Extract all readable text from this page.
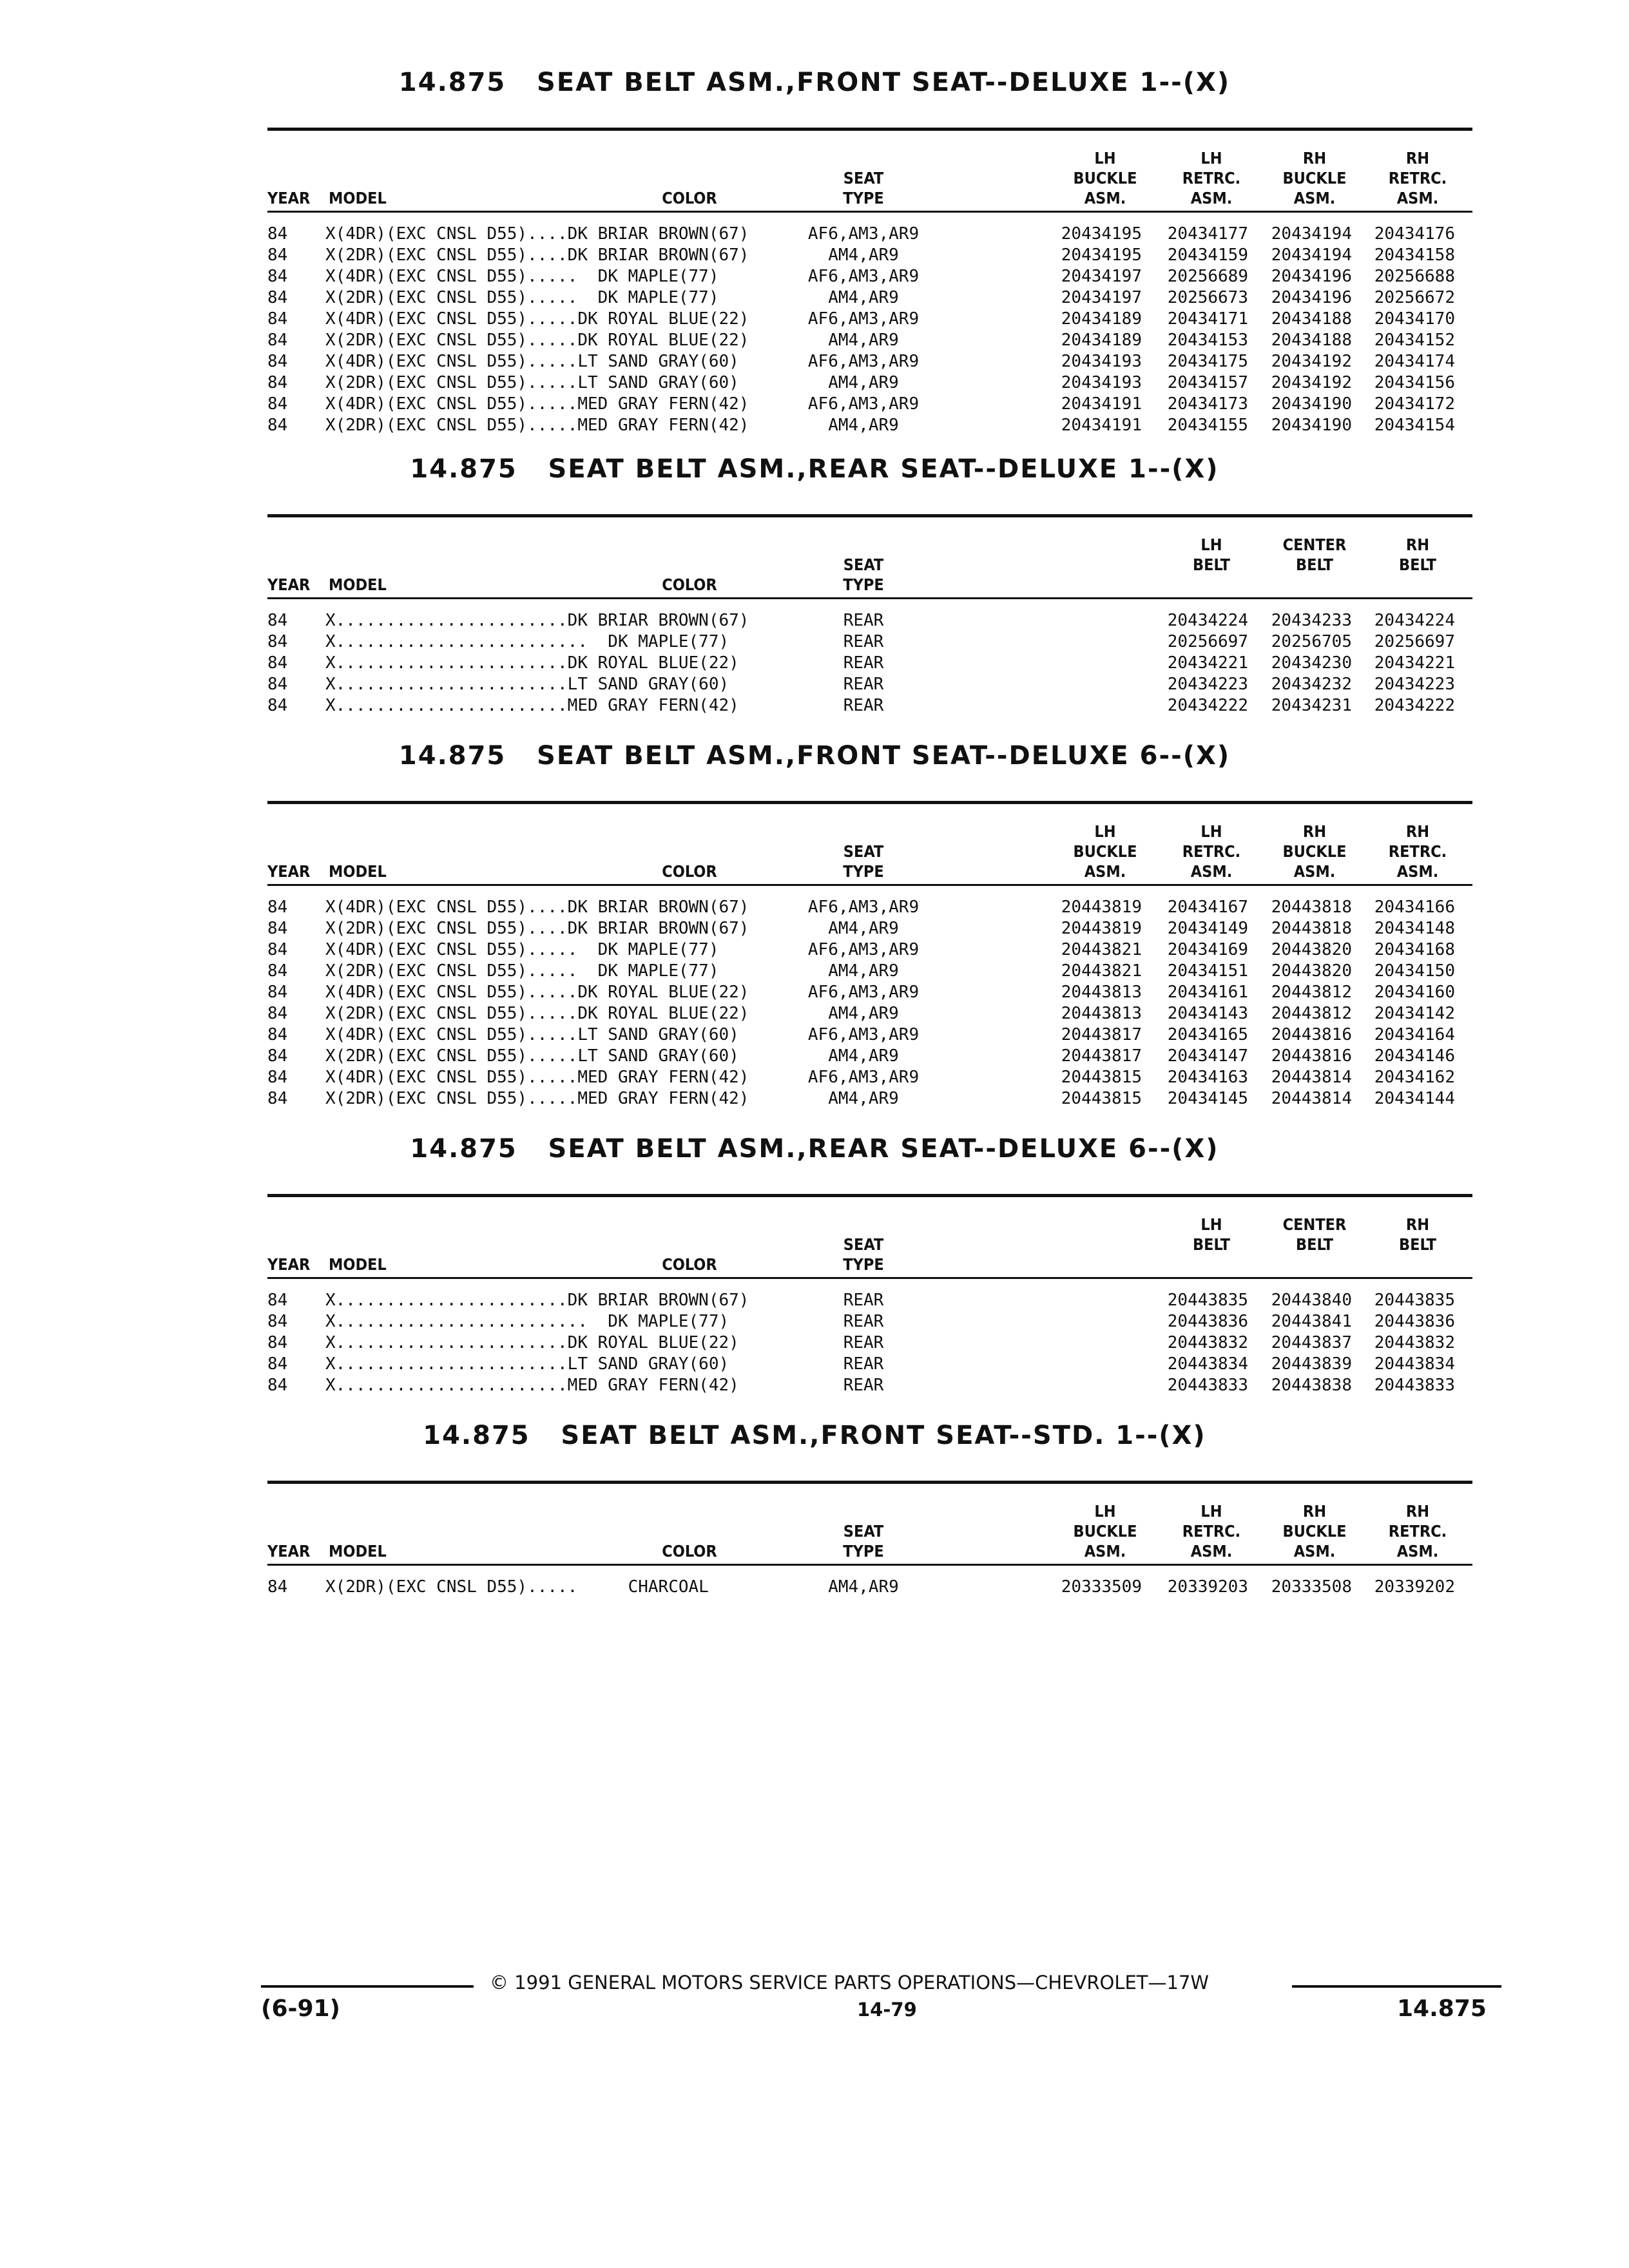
14.875   SEAT BELT ASM.,FRONT SEAT--DELUXE 1--(X)
YEAR MODEL	COLOR
SEAT
TYPE
LH
BUCKLE
ASM.
LH
RETRC.
ASM.
RH
BUCKLE
ASM.
RH
RETRC.
ASM.
84 X(4DR)(EXC CNSL D55)....DK BRIAR BROWN(67)	AF6,AM3,AR9	20434195	20434177	20434194	20434176
84 X(2DR)(EXC CNSL D55)....DK BRIAR BROWN(67)	AM4,AR9	20434195	20434159	20434194	20434158
84 X(4DR)(EXC CNSL D55).....  DK MAPLE(77)	AF6,AM3,AR9	20434197	20256689	20434196	20256688
84 X(2DR)(EXC CNSL D55).....  DK MAPLE(77)	AM4,AR9	20434197	20256673	20434196	20256672
84 X(4DR)(EXC CNSL D55).....DK ROYAL BLUE(22)	AF6,AM3,AR9	20434189	20434171	20434188	20434170
84 X(2DR)(EXC CNSL D55).....DK ROYAL BLUE(22)	AM4,AR9	20434189	20434153	20434188	20434152
84 X(4DR)(EXC CNSL D55).....LT SAND GRAY(60)	AF6,AM3,AR9	20434193	20434175	20434192	20434174
84 X(2DR)(EXC CNSL D55).....LT SAND GRAY(60)	AM4,AR9	20434193	20434157	20434192	20434156
84 X(4DR)(EXC CNSL D55).....MED GRAY FERN(42)	AF6,AM3,AR9	20434191	20434173	20434190	20434172
84 X(2DR)(EXC CNSL D55).....MED GRAY FERN(42)	AM4,AR9	20434191	20434155	20434190	20434154
14.875   SEAT BELT ASM.,REAR SEAT--DELUXE 1--(X)
YEAR MODEL	COLOR
SEAT
TYPE
LH
BELT
CENTER
BELT
RH
BELT
84 X.......................DK BRIAR BROWN(67)	REAR	20434224	20434233	20434224
84 X.........................  DK MAPLE(77)	REAR	20256697	20256705	20256697
84 X.......................DK ROYAL BLUE(22)	REAR	20434221	20434230	20434221
84 X.......................LT SAND GRAY(60)	REAR	20434223	20434232	20434223
84 X.......................MED GRAY FERN(42)	REAR	20434222	20434231	20434222
14.875   SEAT BELT ASM.,FRONT SEAT--DELUXE 6--(X)
YEAR MODEL	COLOR
SEAT
TYPE
LH
BUCKLE
ASM.
LH
RETRC.
ASM.
RH
BUCKLE
ASM.
RH
RETRC.
ASM.
84 X(4DR)(EXC CNSL D55)....DK BRIAR BROWN(67)	AF6,AM3,AR9	20443819	20434167	20443818	20434166
84 X(2DR)(EXC CNSL D55)....DK BRIAR BROWN(67)	AM4,AR9	20443819	20434149	20443818	20434148
84 X(4DR)(EXC CNSL D55).....  DK MAPLE(77)	AF6,AM3,AR9	20443821	20434169	20443820	20434168
84 X(2DR)(EXC CNSL D55).....  DK MAPLE(77)	AM4,AR9	20443821	20434151	20443820	20434150
84 X(4DR)(EXC CNSL D55).....DK ROYAL BLUE(22)	AF6,AM3,AR9	20443813	20434161	20443812	20434160
84 X(2DR)(EXC CNSL D55).....DK ROYAL BLUE(22)	AM4,AR9	20443813	20434143	20443812	20434142
84 X(4DR)(EXC CNSL D55).....LT SAND GRAY(60)	AF6,AM3,AR9	20443817	20434165	20443816	20434164
84 X(2DR)(EXC CNSL D55).....LT SAND GRAY(60)	AM4,AR9	20443817	20434147	20443816	20434146
84 X(4DR)(EXC CNSL D55).....MED GRAY FERN(42)	AF6,AM3,AR9	20443815	20434163	20443814	20434162
84 X(2DR)(EXC CNSL D55).....MED GRAY FERN(42)	AM4,AR9	20443815	20434145	20443814	20434144
14.875   SEAT BELT ASM.,REAR SEAT--DELUXE 6--(X)
YEAR MODEL	COLOR
SEAT
TYPE
LH
BELT
CENTER
BELT
RH
BELT
84 X.......................DK BRIAR BROWN(67)	REAR	20443835	20443840	20443835
84 X.........................  DK MAPLE(77)	REAR	20443836	20443841	20443836
84 X.......................DK ROYAL BLUE(22)	REAR	20443832	20443837	20443832
84 X.......................LT SAND GRAY(60)	REAR	20443834	20443839	20443834
84 X.......................MED GRAY FERN(42)	REAR	20443833	20443838	20443833
14.875   SEAT BELT ASM.,FRONT SEAT--STD. 1--(X)
YEAR MODEL	COLOR
SEAT
TYPE
LH
BUCKLE
ASM.
LH
RETRC.
ASM.
RH
BUCKLE
ASM.
RH
RETRC.
ASM.
84 X(2DR)(EXC CNSL D55).....     CHARCOAL	AM4,AR9	20333509	20339203	20333508	20339202
© 1991 GENERAL MOTORS SERVICE PARTS OPERATIONS—CHEVROLET—17W
(6-91)	14-79	14.875
